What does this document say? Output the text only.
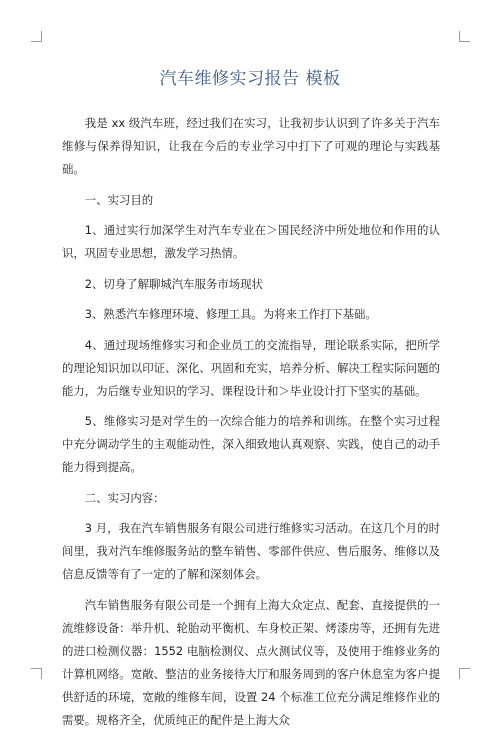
汽车维修实习报告 模板

我是 xx 级汽车班，经过我们在实习，让我初步认识到了许多关于汽车维修与保养得知识，让我在今后的专业学习中打下了可观的理论与实践基础。

一、实习目的

1、通过实行加深学生对汽车专业在＞国民经济中所处地位和作用的认识，巩固专业思想，激发学习热情。

2、切身了解聊城汽车服务市场现状

3、熟悉汽车修理环境、修理工具。为将来工作打下基础。

4、通过现场维修实习和企业员工的交流指导，理论联系实际，把所学的理论知识加以印证、深化、巩固和充实，培养分析、解决工程实际问题的能力，为后继专业知识的学习、课程设计和＞毕业设计打下坚实的基础。

5、维修实习是对学生的一次综合能力的培养和训练。在整个实习过程中充分调动学生的主观能动性，深入细致地认真观察、实践，使自己的动手能力得到提高。

二、实习内容：

3 月，我在汽车销售服务有限公司进行维修实习活动。在这几个月的时间里，我对汽车维修服务站的整车销售、零部件供应、售后服务、维修以及信息反馈等有了一定的了解和深刻体会。

汽车销售服务有限公司是一个拥有上海大众定点、配套、直接提供的一流维修设备：举升机、轮胎动平衡机、车身校正架、烤漆房等，还拥有先进的进口检测仪器：1552 电脑检测仪、点火测试仪等，及使用于维修业务的计算机网络。宽敞、整洁的业务接待大厅和服务周到的客户休息室为客户提供舒适的环境，宽敞的维修车间，设置 24 个标准工位充分满足维修作业的需要。规格齐全，优质纯正的配件是上海大众
